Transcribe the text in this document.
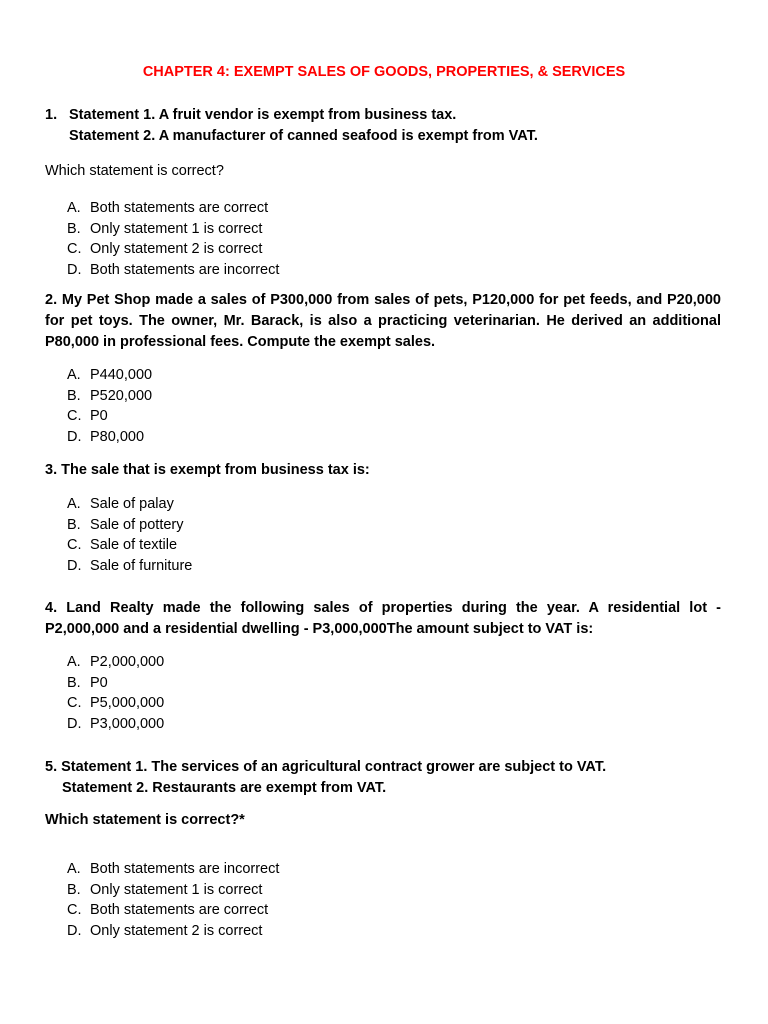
CHAPTER 4: EXEMPT SALES OF GOODS, PROPERTIES, & SERVICES
1. Statement 1. A fruit vendor is exempt from business tax.
Statement 2. A manufacturer of canned seafood is exempt from VAT.
Which statement is correct?
A. Both statements are correct
B. Only statement 1 is correct
C. Only statement 2 is correct
D. Both statements are incorrect
2. My Pet Shop made a sales of P300,000 from sales of pets, P120,000 for pet feeds, and P20,000 for pet toys. The owner, Mr. Barack, is also a practicing veterinarian. He derived an additional P80,000 in professional fees. Compute the exempt sales.
A. P440,000
B. P520,000
C. P0
D. P80,000
3. The sale that is exempt from business tax is:
A. Sale of palay
B. Sale of pottery
C. Sale of textile
D. Sale of furniture
4. Land Realty made the following sales of properties during the year. A residential lot - P2,000,000 and a residential dwelling - P3,000,000The amount subject to VAT is:
A. P2,000,000
B. P0
C. P5,000,000
D. P3,000,000
5. Statement 1. The services of an agricultural contract grower are subject to VAT.
Statement 2. Restaurants are exempt from VAT.
Which statement is correct?*
A. Both statements are incorrect
B. Only statement 1 is correct
C. Both statements are correct
D. Only statement 2 is correct
